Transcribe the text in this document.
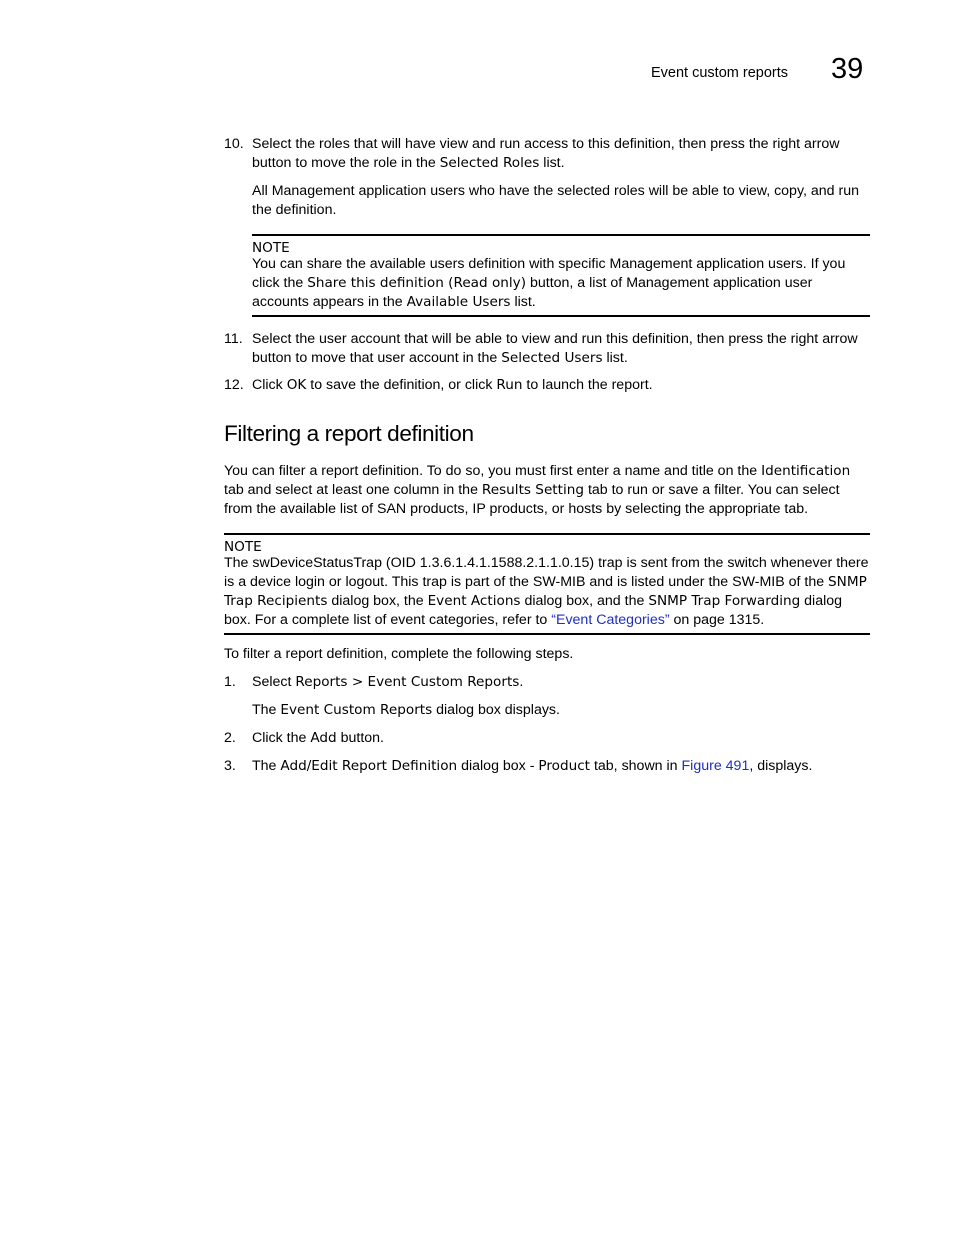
Event custom reports 39
10. Select the roles that will have view and run access to this definition, then press the right arrow button to move the role in the Selected Roles list.
All Management application users who have the selected roles will be able to view, copy, and run the definition.
NOTE
You can share the available users definition with specific Management application users. If you click the Share this definition (Read only) button, a list of Management application user accounts appears in the Available Users list.
11. Select the user account that will be able to view and run this definition, then press the right arrow button to move that user account in the Selected Users list.
12. Click OK to save the definition, or click Run to launch the report.
Filtering a report definition
You can filter a report definition. To do so, you must first enter a name and title on the Identification tab and select at least one column in the Results Setting tab to run or save a filter. You can select from the available list of SAN products, IP products, or hosts by selecting the appropriate tab.
NOTE
The swDeviceStatusTrap (OID 1.3.6.1.4.1.1588.2.1.1.0.15) trap is sent from the switch whenever there is a device login or logout. This trap is part of the SW-MIB and is listed under the SW-MIB of the SNMP Trap Recipients dialog box, the Event Actions dialog box, and the SNMP Trap Forwarding dialog box. For a complete list of event categories, refer to “Event Categories” on page 1315.
To filter a report definition, complete the following steps.
1. Select Reports > Event Custom Reports.
The Event Custom Reports dialog box displays.
2. Click the Add button.
3. The Add/Edit Report Definition dialog box - Product tab, shown in Figure 491, displays.
